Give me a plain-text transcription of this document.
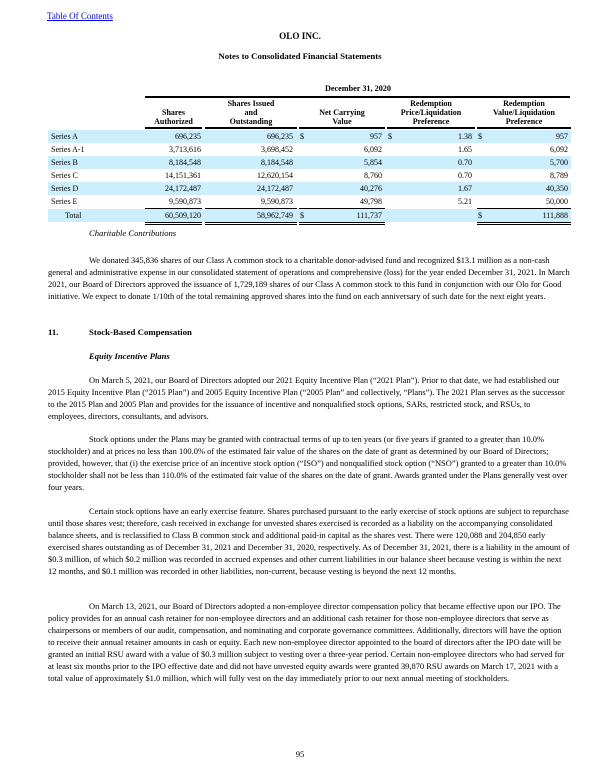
Table Of Contents
OLO INC.
Notes to Consolidated Financial Statements
December 31, 2020
Shares
Authorized
Shares Issued
and
Outstanding
Net Carrying
Value
Redemption
Price/Liquidation
Preference
Redemption
Value/Liquidation
Preference
Series A	696,235	696,235 $	957 $	1.38 $	957
Series A-1	3,713,616	3,698,452	6,092	1.65	6,092
Series B	8,184,548	8,184,548	5,854	0.70	5,700
Series C	14,151,361	12,620,154	8,760	0.70	8,789
Series D	24,172,487	24,172,487	40,276	1.67	40,350
Series E	9,590,873	9,590,873	49,798	5.21	50,000
Total	60,509,120	58,962,749 $	111,737	$	111,888
Charitable Contributions

We donated 345,836 shares of our Class A common stock to a charitable donor-advised fund and recognized $13.1 million as a non-cash general and administrative expense in our consolidated statement of operations and comprehensive (loss) for the year ended December 31, 2021. In March 2021, our Board of Directors approved the issuance of 1,729,189 shares of our Class A common stock to this fund in conjunction with our Olo for Good initiative. We expect to donate 1/10th of the total remaining approved shares into the fund on each anniversary of such date for the next eight years.

11.	Stock-Based Compensation
Equity Incentive Plans

On March 5, 2021, our Board of Directors adopted our 2021 Equity Incentive Plan (“2021 Plan”). Prior to that date, we had established our 2015 Equity Incentive Plan (“2015 Plan”) and 2005 Equity Incentive Plan (“2005 Plan” and collectively, “Plans”). The 2021 Plan serves as the successor to the 2015 Plan and 2005 Plan and provides for the issuance of incentive and nonqualified stock options, SARs, restricted stock, and RSUs, to employees, directors, consultants, and advisors.

Stock options under the Plans may be granted with contractual terms of up to ten years (or five years if granted to a greater than 10.0% stockholder) and at prices no less than 100.0% of the estimated fair value of the shares on the date of grant as determined by our Board of Directors; provided, however, that (i) the exercise price of an incentive stock option (“ISO”) and nonqualified stock option (“NSO”) granted to a greater than 10.0% stockholder shall not be less than 110.0% of the estimated fair value of the shares on the date of grant. Awards granted under the Plans generally vest over four years.

Certain stock options have an early exercise feature. Shares purchased pursuant to the early exercise of stock options are subject to repurchase until those shares vest; therefore, cash received in exchange for unvested shares exercised is recorded as a liability on the accompanying consolidated balance sheets, and is reclassified to Class B common stock and additional paid-in capital as the shares vest. There were 120,088 and 204,850 early exercised shares outstanding as of December 31, 2021 and December 31, 2020, respectively. As of December 31, 2021, there is a liability in the amount of $0.3 million, of which $0.2 million was recorded in accrued expenses and other current liabilities in our balance sheet because vesting is within the next 12 months, and $0.1 million was recorded in other liabilities, non-current, because vesting is beyond the next 12 months.

On March 13, 2021, our Board of Directors adopted a non-employee director compensation policy that became effective upon our IPO. The policy provides for an annual cash retainer for non-employee directors and an additional cash retainer for those non-employee directors that serve as chairpersons or members of our audit, compensation, and nominating and corporate governance committees. Additionally, directors will have the option to receive their annual retainer amounts in cash or equity. Each new non-employee director appointed to the board of directors after the IPO date will be granted an initial RSU award with a value of $0.3 million subject to vesting over a three-year period. Certain non-employee directors who had served for at least six months prior to the IPO effective date and did not have unvested equity awards were granted 39,870 RSU awards on March 17, 2021 with a total value of approximately $1.0 million, which will fully vest on the day immediately prior to our next annual meeting of stockholders.

95
